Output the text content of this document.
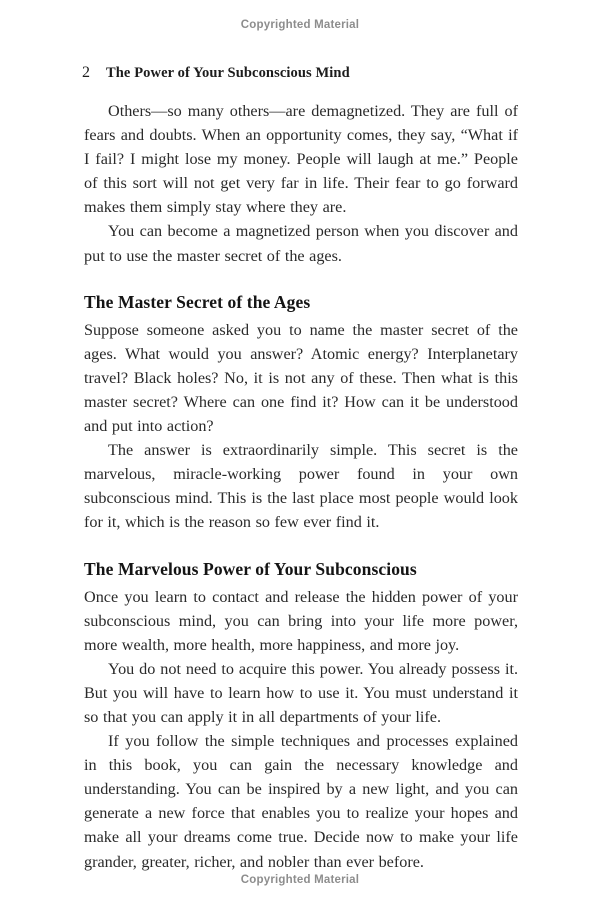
Copyrighted Material
2 The Power of Your Subconscious Mind

Others—so many others—are demagnetized. They are full of fears and doubts. When an opportunity comes, they say, “What if I fail? I might lose my money. People will laugh at me.” People of this sort will not get very far in life. Their fear to go forward makes them simply stay where they are.

You can become a magnetized person when you discover and put to use the master secret of the ages.

The Master Secret of the Ages

Suppose someone asked you to name the master secret of the ages. What would you answer? Atomic energy? Interplanetary travel? Black holes? No, it is not any of these. Then what is this master secret? Where can one find it? How can it be understood and put into action?

The answer is extraordinarily simple. This secret is the marvelous, miracle-working power found in your own subconscious mind. This is the last place most people would look for it, which is the reason so few ever find it.

The Marvelous Power of Your Subconscious

Once you learn to contact and release the hidden power of your subconscious mind, you can bring into your life more power, more wealth, more health, more happiness, and more joy.

You do not need to acquire this power. You already possess it. But you will have to learn how to use it. You must understand it so that you can apply it in all departments of your life.

If you follow the simple techniques and processes explained in this book, you can gain the necessary knowledge and understanding. You can be inspired by a new light, and you can generate a new force that enables you to realize your hopes and make all your dreams come true. Decide now to make your life grander, greater, richer, and nobler than ever before.

Copyrighted Material
